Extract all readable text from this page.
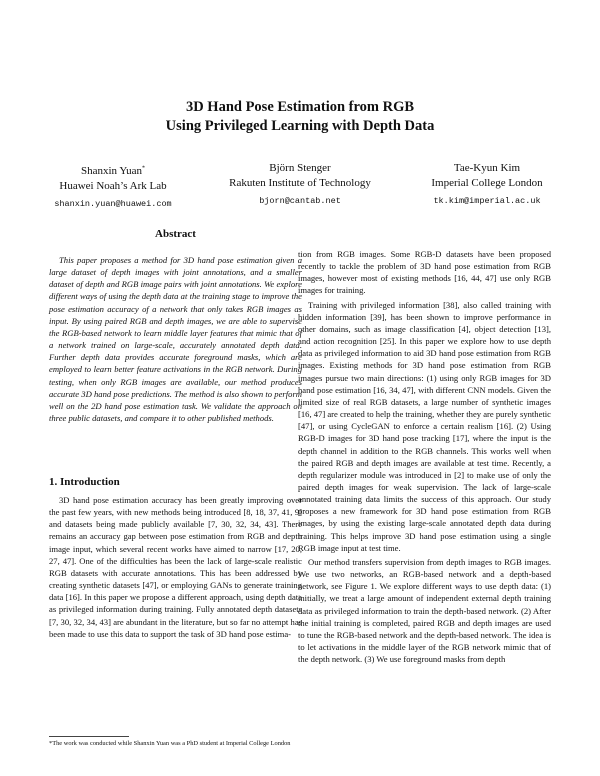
3D Hand Pose Estimation from RGB
Using Privileged Learning with Depth Data
Shanxin Yuan*
Huawei Noah’s Ark Lab
shanxin.yuan@huawei.com
Björn Stenger
Rakuten Institute of Technology
bjorn@cantab.net
Tae-Kyun Kim
Imperial College London
tk.kim@imperial.ac.uk
Abstract
This paper proposes a method for 3D hand pose estimation given a large dataset of depth images with joint annotations, and a smaller dataset of depth and RGB image pairs with joint annotations. We explore different ways of using the depth data at the training stage to improve the pose estimation accuracy of a network that only takes RGB images as input. By using paired RGB and depth images, we are able to supervise the RGB-based network to learn middle layer features that mimic that of a network trained on large-scale, accurately annotated depth data. Further depth data provides accurate foreground masks, which are employed to learn better feature activations in the RGB network. During testing, when only RGB images are available, our method produces accurate 3D hand pose predictions. The method is also shown to perform well on the 2D hand pose estimation task. We validate the approach on three public datasets, and compare it to other published methods.
1. Introduction

3D hand pose estimation accuracy has been greatly improving over the past few years, with new methods being introduced [8, 18, 37, 41, 9] and datasets being made publicly available [7, 30, 32, 34, 43]. There remains an accuracy gap between pose estimation from RGB and depth image input, which several recent works have aimed to narrow [17, 20, 27, 47]. One of the difficulties has been the lack of large-scale realistic RGB datasets with accurate annotations. This has been addressed by creating synthetic datasets [47], or employing GANs to generate training data [16]. In this paper we propose a different approach, using depth data as privileged information during training. Fully annotated depth datasets [7, 30, 32, 34, 43] are abundant in the literature, but so far no attempt has been made to use this data to support the task of 3D hand pose estima-

tion from RGB images. Some RGB-D datasets have been proposed recently to tackle the problem of 3D hand pose estimation from RGB images, however most of existing methods [16, 44, 47] use only RGB images for training.

Training with privileged information [38], also called training with hidden information [39], has been shown to improve performance in other domains, such as image classification [4], object detection [13], and action recognition [25]. In this paper we explore how to use depth data as privileged information to aid 3D hand pose estimation from RGB images. Existing methods for 3D hand pose estimation from RGB images pursue two main directions: (1) using only RGB images for 3D hand pose estimation [16, 34, 47], with different CNN models. Given the limited size of real RGB datasets, a large number of synthetic images [16, 47] are created to help the training, whether they are purely synthetic [47], or using CycleGAN to enforce a certain realism [16]. (2) Using RGB-D images for 3D hand pose tracking [17], where the input is the depth channel in addition to the RGB channels. This works well when the paired RGB and depth images are available at test time. Recently, a depth regularizer module was introduced in [2] to make use of only the paired depth images for weak supervision. The lack of large-scale annotated training data limits the success of this approach. Our study proposes a new framework for 3D hand pose estimation from RGB images, by using the existing large-scale annotated depth data during training. This helps improve 3D hand pose estimation using a single RGB image input at test time.

Our method transfers supervision from depth images to RGB images. We use two networks, an RGB-based network and a depth-based network, see Figure 1. We explore different ways to use depth data: (1) initially, we treat a large amount of independent external depth training data as privileged information to train the depth-based network. (2) After the initial training is completed, paired RGB and depth images are used to tune the RGB-based network and the depth-based network. The idea is to let activations in the middle layer of the RGB network mimic that of the depth network. (3) We use foreground masks from depth

*The work was conducted while Shanxin Yuan was a PhD student at Imperial College London
